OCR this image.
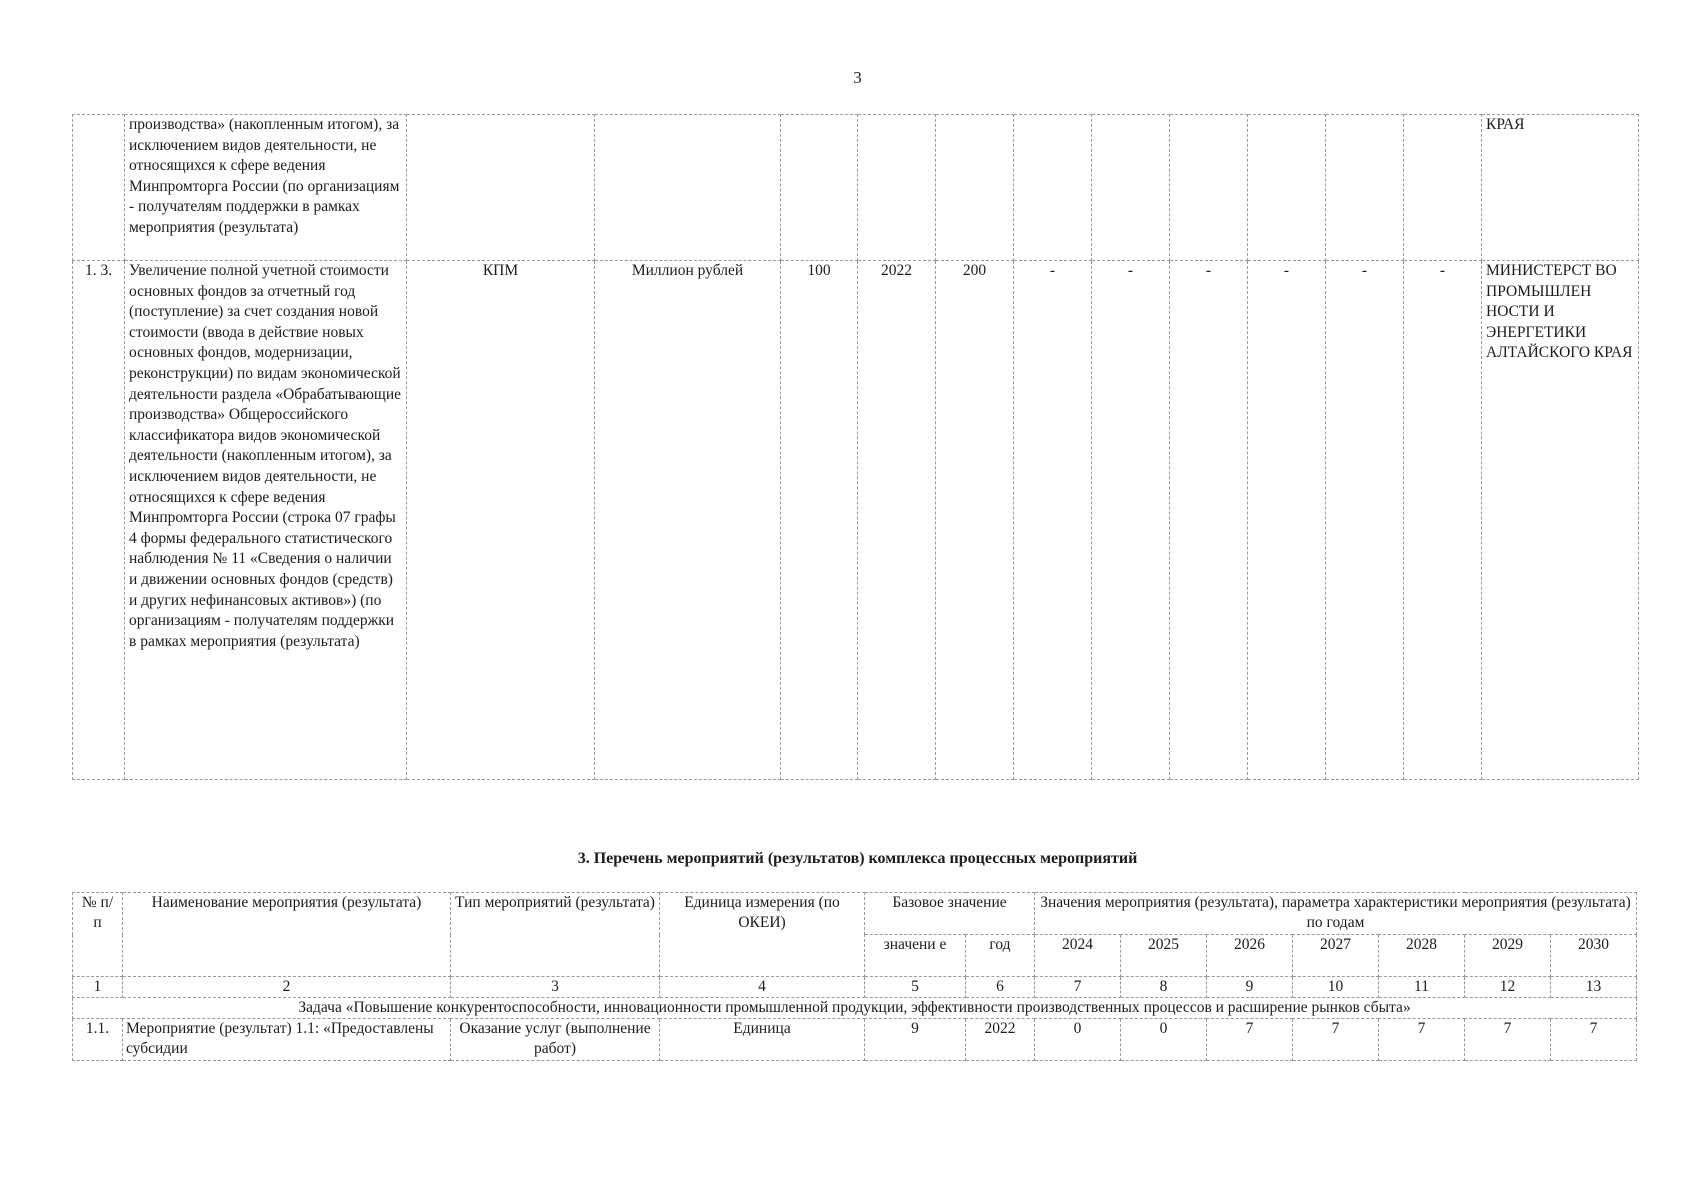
3
	производства» (накопленным итогом), за исключением видов деятельности, не относящихся к сфере ведения Минпромторга России (по организациям - получателям поддержки в рамках мероприятия (результата)												КРАЯ
1. 3.	Увеличение полной учетной стоимости основных фондов за отчетный год (поступление) за счет создания новой стоимости (ввода в действие новых основных фондов, модернизации, реконструкции) по видам экономической деятельности раздела «Обрабатывающие производства» Общероссийского классификатора видов экономической деятельности (накопленным итогом), за исключением видов деятельности, не относящихся к сфере ведения Минпромторга России (строка 07 графы 4 формы федерального статистического наблюдения № 11 «Сведения о наличии и движении основных фондов (средств) и других нефинансовых активов») (по организациям - получателям поддержки в рамках мероприятия (результата)	КПМ	Миллион рублей	100	2022	200	-	-	-	-	-	-	МИНИСТЕРСТ ВО ПРОМЫШЛЕН НОСТИ И ЭНЕРГЕТИКИ АЛТАЙСКОГО КРАЯ
3. Перечень мероприятий (результатов) комплекса процессных мероприятий
№ п/ п	Наименование мероприятия (результата)	Тип мероприятий (результата)	Единица измерения (по ОКЕИ)	Базовое значение		Значения мероприятия (результата), параметра характеристики мероприятия (результата) по годам						
				значени е	год	2024	2025	2026	2027	2028	2029	2030
1	2	3	4	5	6	7	8	9	10	11	12	13
Задача «Повышение конкурентоспособности, инновационности промышленной продукции, эффективности производственных процессов и расширение рынков сбыта»												
1.1.	Мероприятие (результат) 1.1: «Предоставлены субсидии	Оказание услуг (выполнение работ)	Единица	9	2022	0	0	7	7	7	7	7
